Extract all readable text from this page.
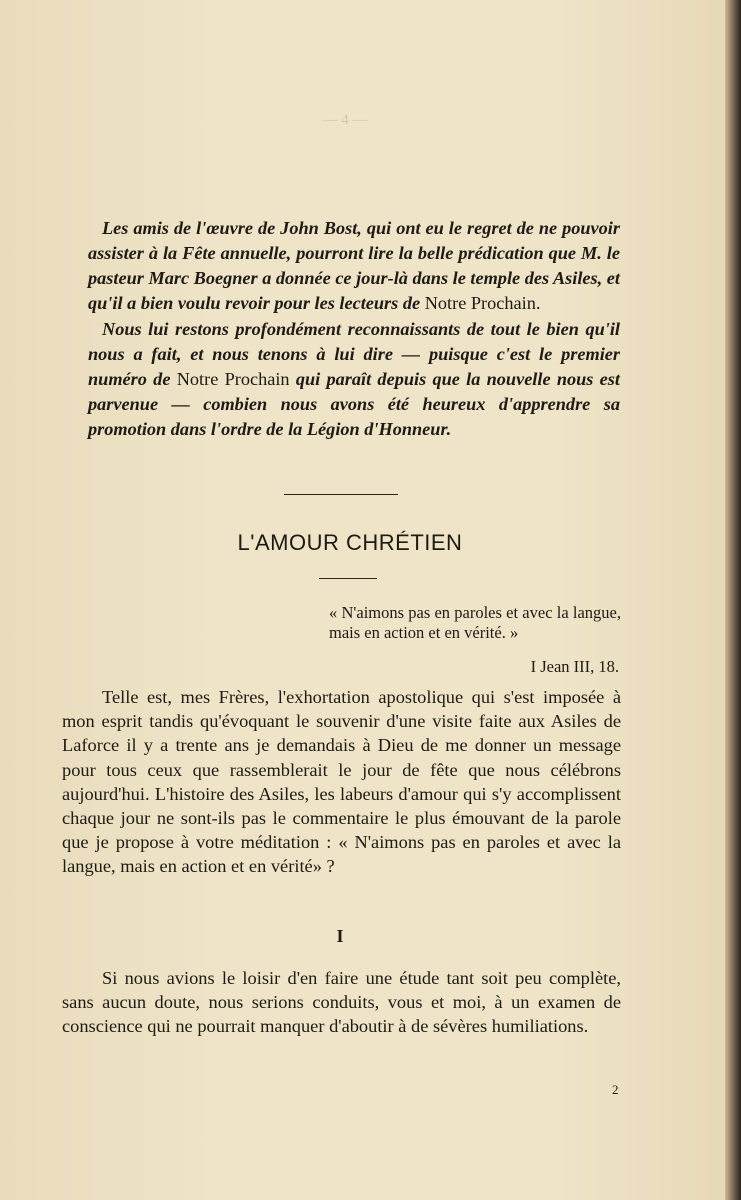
— 4 —

Les amis de l'œuvre de John Bost, qui ont eu le regret de ne pouvoir assister à la Fête annuelle, pourront lire la belle prédication que M. le pasteur Marc Boegner a donnée ce jour-là dans le temple des Asiles, et qu'il a bien voulu revoir pour les lecteurs de Notre Prochain.

Nous lui restons profondément reconnaissants de tout le bien qu'il nous a fait, et nous tenons à lui dire — puisque c'est le premier numéro de Notre Prochain qui paraît depuis que la nouvelle nous est parvenue — combien nous avons été heureux d'apprendre sa promotion dans l'ordre de la Légion d'Honneur.

L'AMOUR CHRÉTIEN
« N'aimons pas en paroles et avec la langue, mais en action et en vérité. »
I Jean III, 18.

Telle est, mes Frères, l'exhortation apostolique qui s'est imposée à mon esprit tandis qu'évoquant le souvenir d'une visite faite aux Asiles de Laforce il y a trente ans je demandais à Dieu de me donner un message pour tous ceux que rassemblerait le jour de fête que nous célébrons aujourd'hui. L'histoire des Asiles, les labeurs d'amour qui s'y accomplissent chaque jour ne sont-ils pas le commentaire le plus émouvant de la parole que je propose à votre méditation : « N'aimons pas en paroles et avec la langue, mais en action et en vérité» ?

I

Si nous avions le loisir d'en faire une étude tant soit peu complète, sans aucun doute, nous serions conduits, vous et moi, à un examen de conscience qui ne pourrait manquer d'aboutir à de sévères humiliations.

2
